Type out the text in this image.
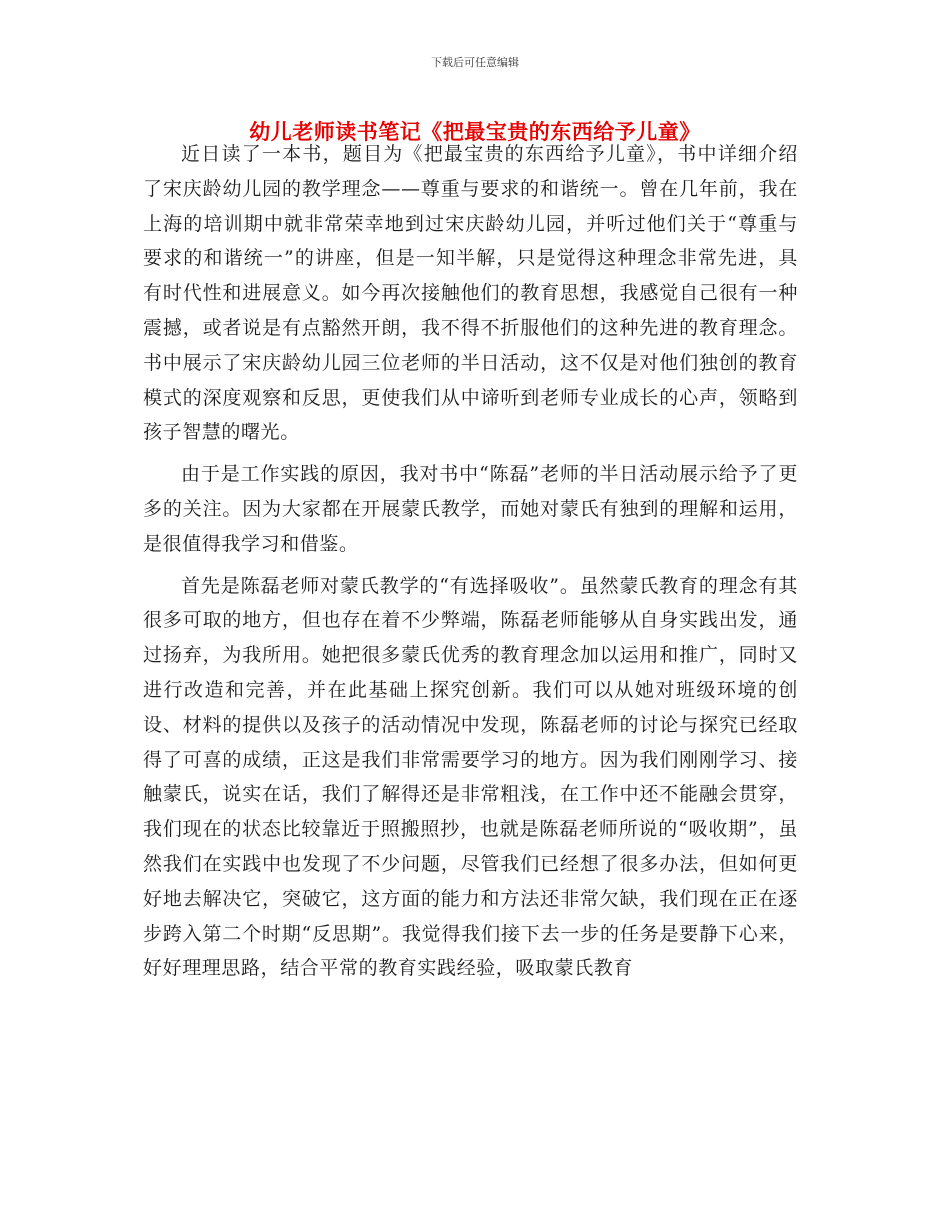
下载后可任意编辑
幼儿老师读书笔记《把最宝贵的东西给予儿童》

近日读了一本书，题目为《把最宝贵的东西给予儿童》，书中详细介绍了宋庆龄幼儿园的教学理念——尊重与要求的和谐统一。曾在几年前，我在上海的培训期中就非常荣幸地到过宋庆龄幼儿园，并听过他们关于“尊重与要求的和谐统一”的讲座，但是一知半解，只是觉得这种理念非常先进，具有时代性和进展意义。如今再次接触他们的教育思想，我感觉自己很有一种震撼，或者说是有点豁然开朗，我不得不折服他们的这种先进的教育理念。书中展示了宋庆龄幼儿园三位老师的半日活动，这不仅是对他们独创的教育模式的深度观察和反思，更使我们从中谛听到老师专业成长的心声，领略到孩子智慧的曙光。

由于是工作实践的原因，我对书中“陈磊”老师的半日活动展示给予了更多的关注。因为大家都在开展蒙氏教学，而她对蒙氏有独到的理解和运用，是很值得我学习和借鉴。

首先是陈磊老师对蒙氏教学的“有选择吸收”。虽然蒙氏教育的理念有其很多可取的地方，但也存在着不少弊端，陈磊老师能够从自身实践出发，通过扬弃，为我所用。她把很多蒙氏优秀的教育理念加以运用和推广，同时又进行改造和完善，并在此基础上探究创新。我们可以从她对班级环境的创设、材料的提供以及孩子的活动情况中发现，陈磊老师的讨论与探究已经取得了可喜的成绩，正这是我们非常需要学习的地方。因为我们刚刚学习、接触蒙氏，说实在话，我们了解得还是非常粗浅，在工作中还不能融会贯穿，我们现在的状态比较靠近于照搬照抄，也就是陈磊老师所说的“吸收期”，虽然我们在实践中也发现了不少问题，尽管我们已经想了很多办法，但如何更好地去解决它，突破它，这方面的能力和方法还非常欠缺，我们现在正在逐步跨入第二个时期“反思期”。我觉得我们接下去一步的任务是要静下心来，好好理理思路，结合平常的教育实践经验，吸取蒙氏教育
